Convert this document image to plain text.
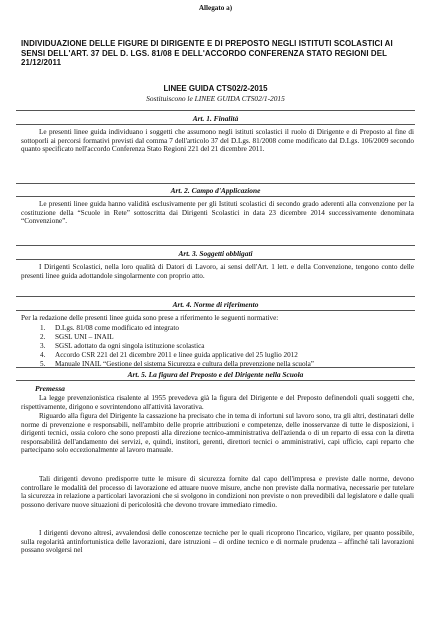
Allegato a)
INDIVIDUAZIONE DELLE FIGURE DI DIRIGENTE E DI PREPOSTO NEGLI ISTITUTI SCOLASTICI AI SENSI DELL'ART. 37 DEL D. LGS. 81/08 E DELL'ACCORDO CONFERENZA STATO REGIONI DEL 21/12/2011
LINEE GUIDA CTS02/2-2015
Sostituiscono le LINEE GUIDA CTS02/1-2015
Art. 1. Finalità

Le presenti linee guida individuano i soggetti che assumono negli istituti scolastici il ruolo di Dirigente e di Preposto al fine di sottoporli ai percorsi formativi previsti dal comma 7 dell'articolo 37 del D.Lgs. 81/2008 come modificato dal D.Lgs. 106/2009 secondo quanto specificato nell'accordo Conferenza Stato Regioni 221 del 21 dicembre 2011.

Art. 2. Campo d'Applicazione

Le presenti linee guida hanno validità esclusivamente per gli Istituti scolastici di secondo grado aderenti alla convenzione per la costituzione della “Scuole in Rete” sottoscritta dai Dirigenti Scolastici in data 23 dicembre 2014 successivamente denominata “Convenzione”.

Art. 3. Soggetti obbligati

I Dirigenti Scolastici, nella loro qualità di Datori di Lavoro, ai sensi dell'Art. 1 lett. e della Convenzione, tengono conto delle presenti linee guida adottandole singolarmente con proprio atto.

Art. 4. Norme di riferimento

Per la redazione delle presenti linee guida sono prese a riferimento le seguenti normative:

1. D.Lgs. 81/08 come modificato ed integrato
2. SGSL UNI – INAIL
3. SGSL adottato da ogni singola istituzione scolastica
4. Accordo CSR 221 del 21 dicembre 2011 e linee guida applicative del 25 luglio 2012
5. Manuale INAIL “Gestione del sistema Sicurezza e cultura della prevenzione nella scuola”
Art. 5. La figura del Preposto e del Dirigente nella Scuola
Premessa

La legge prevenzionistica risalente al 1955 prevedeva già la figura del Dirigente e del Preposto definendoli quali soggetti che, rispettivamente, dirigono e sovrintendono all'attività lavorativa.

Riguardo alla figura del Dirigente la cassazione ha precisato che in tema di infortuni sul lavoro sono, tra gli altri, destinatari delle norme di prevenzione e responsabili, nell'ambito delle proprie attribuzioni e competenze, delle inosservanze di tutte le disposizioni, i dirigenti tecnici, ossia coloro che sono preposti alla direzione tecnico-amministrativa dell'azienda o di un reparto di essa con la diretta responsabilità dell'andamento dei servizi, e, quindi, institori, gerenti, direttori tecnici o amministrativi, capi ufficio, capi reparto che partecipano solo eccezionalmente al lavoro manuale.

Tali dirigenti devono predisporre tutte le misure di sicurezza fornite dal capo dell'impresa e previste dalle norme, devono controllare le modalità del processo di lavorazione ed attuare nuove misure, anche non previste dalla normativa, necessarie per tutelare la sicurezza in relazione a particolari lavorazioni che si svolgono in condizioni non previste o non prevedibili dal legislatore e dalle quali possono derivare nuove situazioni di pericolosità che devono trovare immediato rimedio.

I dirigenti devono altresì, avvalendosi delle conoscenze tecniche per le quali ricoprono l'incarico, vigilare, per quanto possibile, sulla regolarità antinfortunistica delle lavorazioni, dare istruzioni – di ordine tecnico e di normale prudenza – affinché tali lavorazioni possano svolgersi nel
